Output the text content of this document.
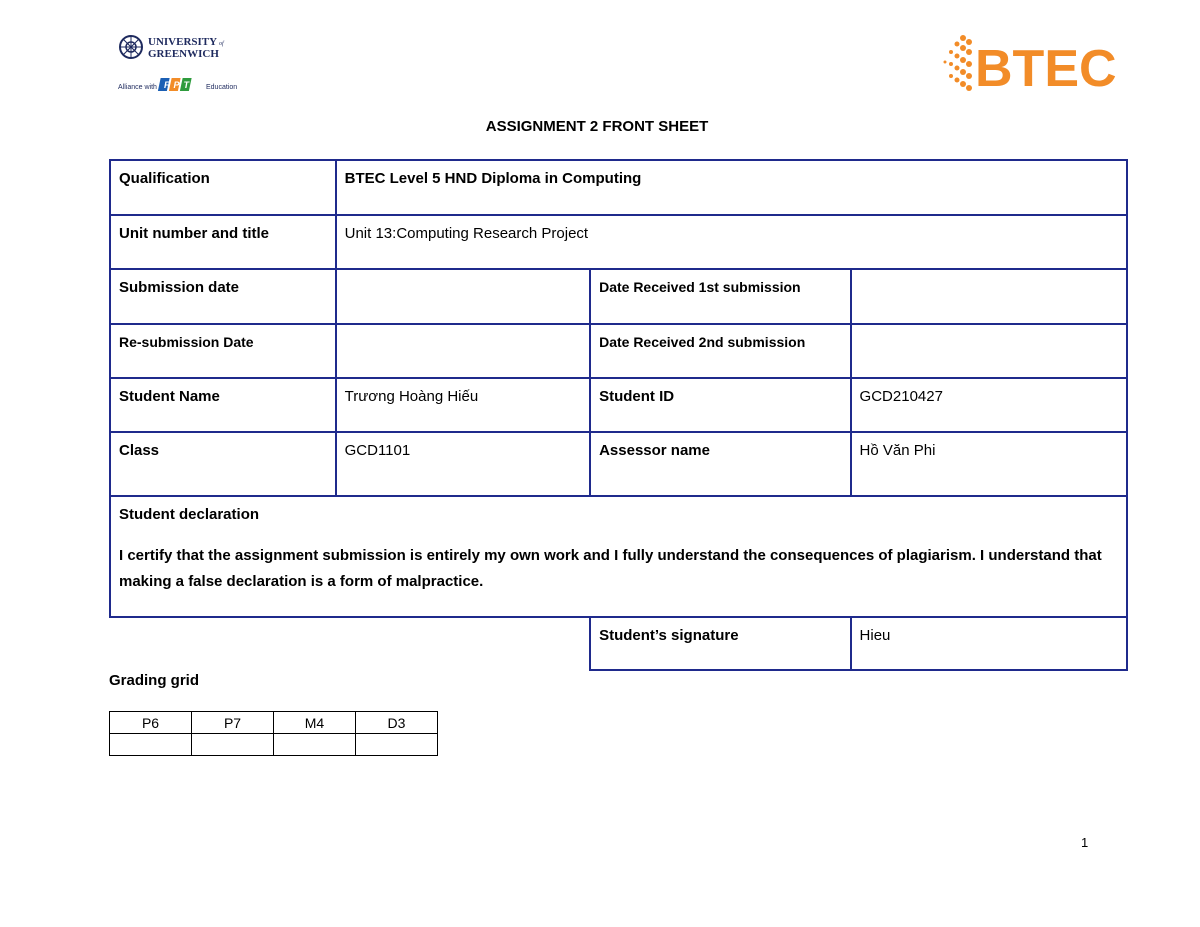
UNIVERSITY of
GREENWICH
Alliance with FPT Education	BTEC
ASSIGNMENT 2 FRONT SHEET
Qualification	BTEC Level 5 HND Diploma in Computing		
Unit number and title	Unit 13:Computing Research Project		
Submission date		Date Received 1st submission	
Re-submission Date		Date Received 2nd submission	
Student Name	Trương Hoàng Hiếu	Student ID	GCD210427
Class	GCD1101	Assessor name	Hồ Văn Phi

Student declaration
I certify that the assignment submission is entirely my own work and I fully understand the consequences of plagiarism. I understand that making a false declaration is a form of malpractice.			

		Student’s signature	Hieu
Grading grid
P6	P7	M4	D3

1
